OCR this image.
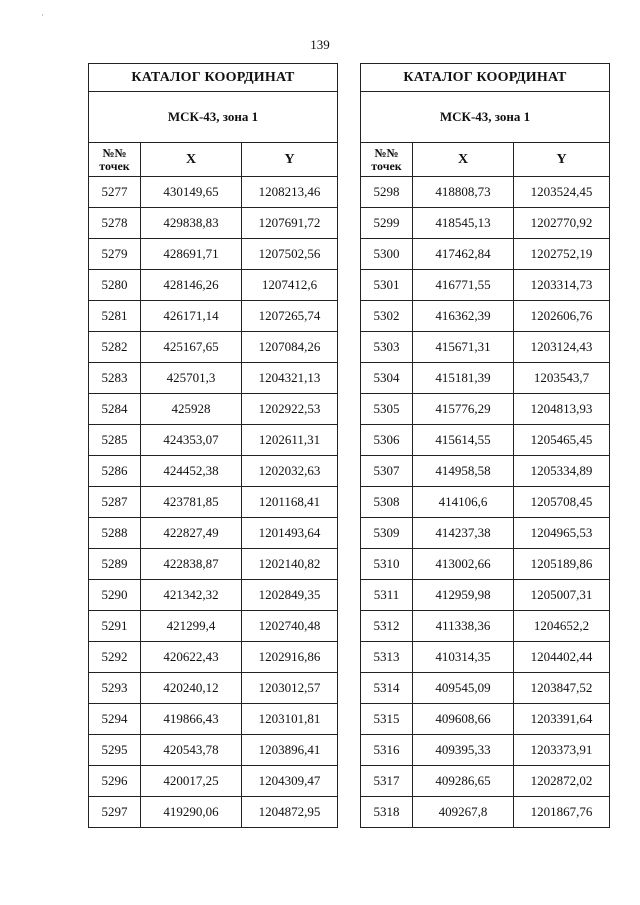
·
139
КАТАЛОГ КООРДИНАТ		
МСК-43, зона 1		
№№
точек	X	Y
5277	430149,65	1208213,46
5278	429838,83	1207691,72
5279	428691,71	1207502,56
5280	428146,26	1207412,6
5281	426171,14	1207265,74
5282	425167,65	1207084,26
5283	425701,3	1204321,13
5284	425928	1202922,53
5285	424353,07	1202611,31
5286	424452,38	1202032,63
5287	423781,85	1201168,41
5288	422827,49	1201493,64
5289	422838,87	1202140,82
5290	421342,32	1202849,35
5291	421299,4	1202740,48
5292	420622,43	1202916,86
5293	420240,12	1203012,57
5294	419866,43	1203101,81
5295	420543,78	1203896,41
5296	420017,25	1204309,47
5297	419290,06	1204872,95
КАТАЛОГ КООРДИНАТ		
МСК-43, зона 1		
№№
точек	X	Y
5298	418808,73	1203524,45
5299	418545,13	1202770,92
5300	417462,84	1202752,19
5301	416771,55	1203314,73
5302	416362,39	1202606,76
5303	415671,31	1203124,43
5304	415181,39	1203543,7
5305	415776,29	1204813,93
5306	415614,55	1205465,45
5307	414958,58	1205334,89
5308	414106,6	1205708,45
5309	414237,38	1204965,53
5310	413002,66	1205189,86
5311	412959,98	1205007,31
5312	411338,36	1204652,2
5313	410314,35	1204402,44
5314	409545,09	1203847,52
5315	409608,66	1203391,64
5316	409395,33	1203373,91
5317	409286,65	1202872,02
5318	409267,8	1201867,76
